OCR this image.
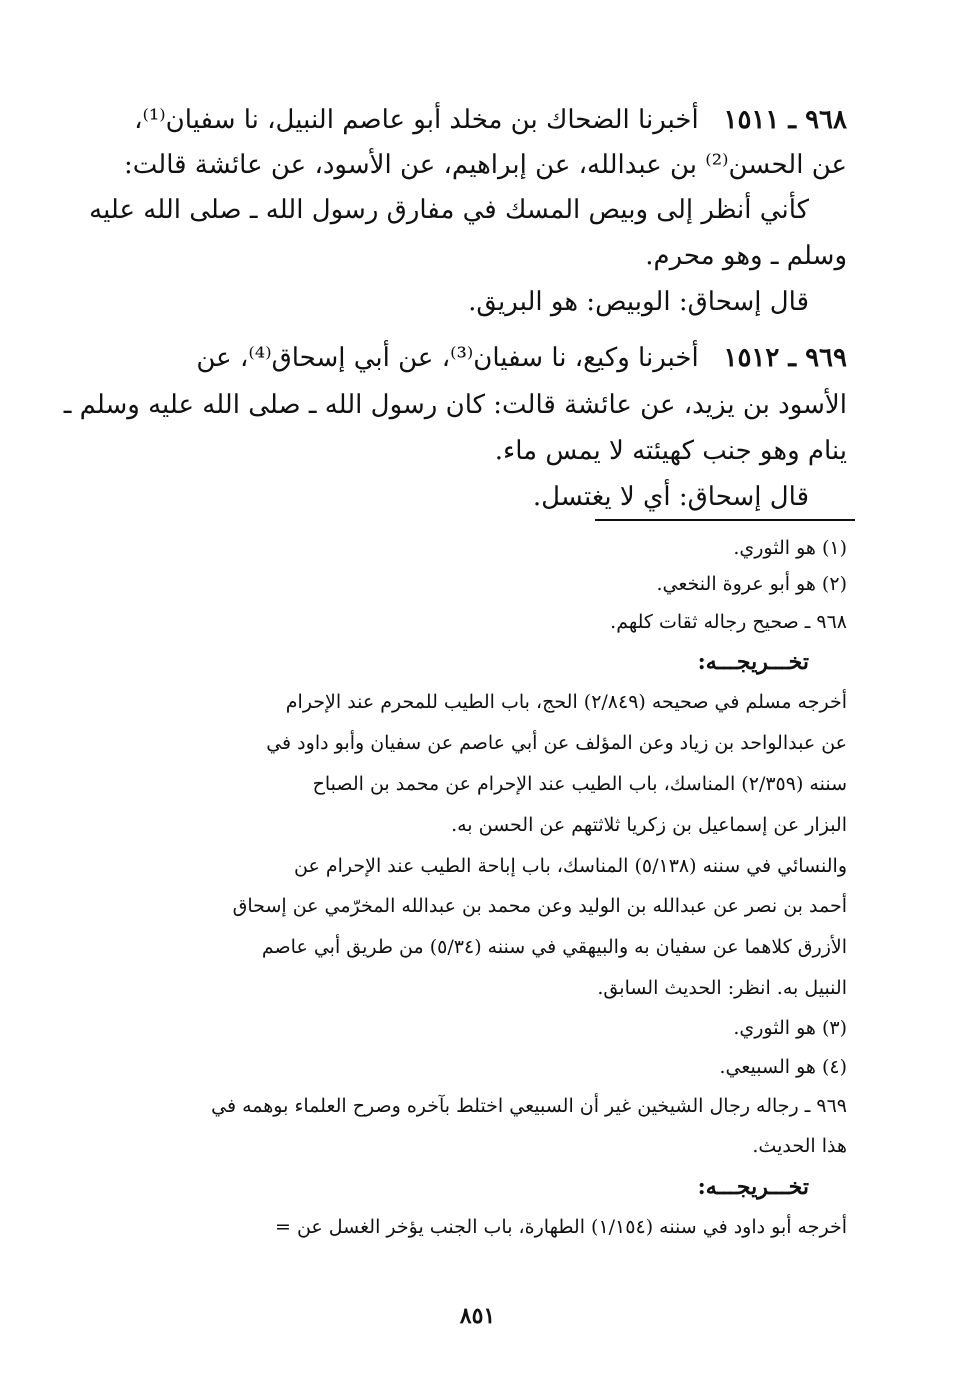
٩٦٨ ـ ١٥١١   أخبرنا الضحاك بن مخلد أبو عاصم النبيل، نا سفيان⁽¹⁾،

عن الحسن⁽²⁾ بن عبدالله، عن إبراهيم، عن الأسود، عن عائشة قالت:

كأني أنظر إلى وبيص المسك في مفارق رسول الله ـ صلى الله عليه

وسلم ـ وهو محرم.

قال إسحاق: الوبيص: هو البريق.

٩٦٩ ـ ١٥١٢   أخبرنا وكيع، نا سفيان⁽³⁾، عن أبي إسحاق⁽⁴⁾، عن

الأسود بن يزيد، عن عائشة قالت: كان رسول الله ـ صلى الله عليه وسلم ـ

ينام وهو جنب كهيئته لا يمس ماء.

قال إسحاق: أي لا يغتسل.

(١) هو الثوري.

(٢) هو أبو عروة النخعي.

٩٦٨ ـ صحيح رجاله ثقات كلهم.

تخـــريجـــه:

أخرجه مسلم في صحيحه (٢/٨٤٩) الحج، باب الطيب للمحرم عند الإحرام

عن عبدالواحد بن زياد وعن المؤلف عن أبي عاصم عن سفيان وأبو داود في

سننه (٢/٣٥٩) المناسك، باب الطيب عند الإحرام عن محمد بن الصباح

البزار عن إسماعيل بن زكريا ثلاثتهم عن الحسن به.

والنسائي في سننه (٥/١٣٨) المناسك، باب إباحة الطيب عند الإحرام عن

أحمد بن نصر عن عبدالله بن الوليد وعن محمد بن عبدالله المخرّمي عن إسحاق

الأزرق كلاهما عن سفيان به والبيهقي في سننه (٥/٣٤) من طريق أبي عاصم

النبيل به. انظر: الحديث السابق.

(٣) هو الثوري.

(٤) هو السبيعي.

٩٦٩ ـ رجاله رجال الشيخين غير أن السبيعي اختلط بآخره وصرح العلماء بوهمه في

هذا الحديث.

تخـــريجـــه:

أخرجه أبو داود في سننه (١/١٥٤) الطهارة، باب الجنب يؤخر الغسل عن =

٨٥١
